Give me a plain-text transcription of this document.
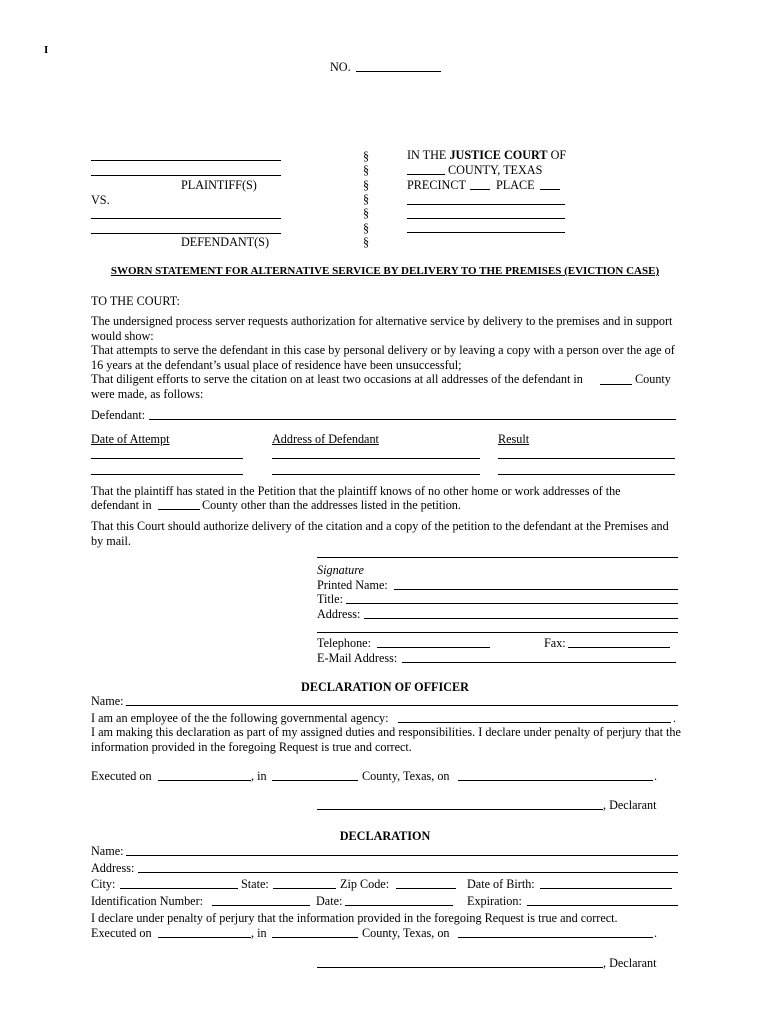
I
NO.
PLAINTIFF(S)
VS.
DEFENDANT(S)
§
§
§
§
§
§
§
IN THE JUSTICE COURT OF
COUNTY, TEXAS
PRECINCT PLACE
SWORN STATEMENT FOR ALTERNATIVE SERVICE BY DELIVERY TO THE PREMISES (EVICTION CASE)
TO THE COURT:
The undersigned process server requests authorization for alternative service by delivery to the premises and in support would show:
That attempts to serve the defendant in this case by personal delivery or by leaving a copy with a person over the age of 16 years at the defendant’s usual place of residence have been unsuccessful;
That diligent efforts to serve the citation on at least two occasions at all addresses of the defendant in	County
were made, as follows:
Defendant:
Date of Attempt	Address of Defendant	Result
That the plaintiff has stated in the Petition that the plaintiff knows of no other home or work addresses of the
defendant in	County other than the addresses listed in the petition.
That this Court should authorize delivery of the citation and a copy of the petition to the defendant at the Premises and by mail.
Signature
Printed Name:
Title:
Address:
Telephone:	Fax:
E-Mail Address:
DECLARATION OF OFFICER
Name:
I am an employee of the the following governmental agency:	.
I am making this declaration as part of my assigned duties and responsibilities. I declare under penalty of perjury that the information provided in the foregoing Request is true and correct.
Executed on	, in	County, Texas, on	.
, Declarant
DECLARATION
Name:
Address:
City:	State:	Zip Code:	Date of Birth:
Identification Number:	Date:	Expiration:
I declare under penalty of perjury that the information provided in the foregoing Request is true and correct.
Executed on	, in	County, Texas, on	.
, Declarant
